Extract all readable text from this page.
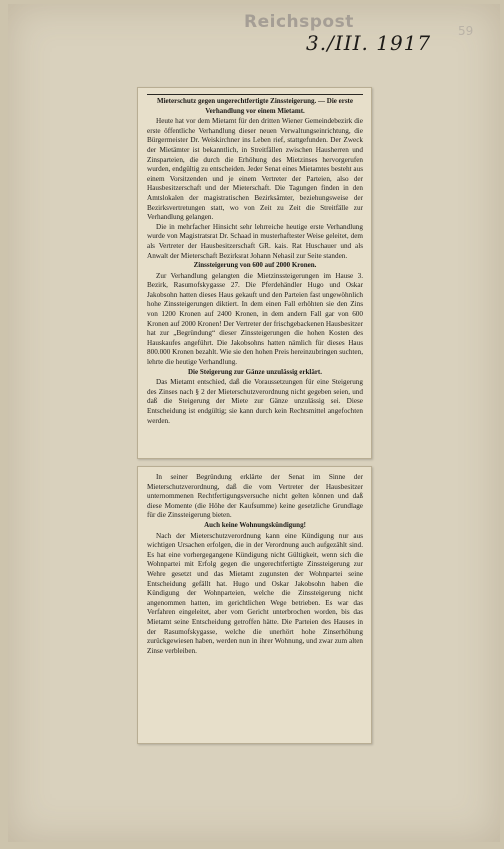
Reichspost
3./III. 1917 59
Mieterschutz gegen ungerechtfertigte Zinssteigerung. — Die erste Verhandlung vor einem Mietamt.

Heute hat vor dem Mietamt für den dritten Wiener Gemeindebezirk die erste öffentliche Verhandlung dieser neuen Verwaltungseinrichtung, die Bürgermeister Dr. Weiskirchner ins Leben rief, stattgefunden. Der Zweck der Mietämter ist bekanntlich, in Streitfällen zwischen Hausherren und Zinsparteien, die durch die Erhöhung des Mietzinses hervorgerufen wurden, endgültig zu entscheiden. Jeder Senat eines Mietamtes besteht aus einem Vorsitzenden und je einem Vertreter der Parteien, also der Hausbesitzerschaft und der Mieterschaft. Die Tagungen finden in den Amtslokalen der magistratischen Bezirksämter, beziehungsweise der Bezirksvertretungen statt, wo von Zeit zu Zeit die Streitfälle zur Verhandlung gelangen.

Die in mehrfacher Hinsicht sehr lehrreiche heutige erste Verhandlung wurde von Magistratsrat Dr. Schaad in musterhaftester Weise geleitet, dem als Vertreter der Hausbesitzerschaft GR. kais. Rat Huschauer und als Anwalt der Mieterschaft Bezirksrat Johann Nehasil zur Seite standen.

Zinssteigerung von 600 auf 2000 Kronen.

Zur Verhandlung gelangten die Mietzinssteigerungen im Hause 3. Bezirk, Rasumofskygasse 27. Die Pferdehändler Hugo und Oskar Jakobsohn hatten dieses Haus gekauft und den Parteien fast ungewöhnlich hohe Zinssteigerungen diktiert. In dem einen Fall erhöhten sie den Zins von 1200 Kronen auf 2400 Kronen, in dem andern Fall gar von 600 Kronen auf 2000 Kronen! Der Vertreter der frischgebackenen Hausbesitzer hat zur „Begründung“ dieser Zinssteigerungen die hohen Kosten des Hauskaufes angeführt. Die Jakobsohns hatten nämlich für dieses Haus 800.000 Kronen bezahlt. Wie sie den hohen Preis hereinzubringen suchten, lehrte die heutige Verhandlung.

Die Steigerung zur Gänze unzulässig erklärt.

Das Mietamt entschied, daß die Voraussetzungen für eine Steigerung des Zinses nach § 2 der Mieterschutzverordnung nicht gegeben seien, und daß die Steigerung der Miete zur Gänze unzulässig sei. Diese Entscheidung ist endgültig; sie kann durch kein Rechtsmittel angefochten werden.

In seiner Begründung erklärte der Senat im Sinne der Mieterschutzverordnung, daß die vom Vertreter der Hausbesitzer unternommenen Rechtfertigungsversuche nicht gelten können und daß diese Momente (die Höhe der Kaufsumme) keine gesetzliche Grundlage für die Zinssteigerung bieten.

Auch keine Wohnungskündigung!

Nach der Mieterschutzverordnung kann eine Kündigung nur aus wichtigen Ursachen erfolgen, die in der Verordnung auch aufgezählt sind. Es hat eine vorhergegangene Kündigung nicht Gültigkeit, wenn sich die Wohnpartei mit Erfolg gegen die ungerechtfertigte Zinssteigerung zur Wehre gesetzt und das Mietamt zugunsten der Wohnpartei seine Entscheidung gefällt hat. Hugo und Oskar Jakobsohn haben die Kündigung der Wohnparteien, welche die Zinssteigerung nicht angenommen hatten, im gerichtlichen Wege betrieben. Es war das Verfahren eingeleitet, aber vom Gericht unterbrochen worden, bis das Mietamt seine Entscheidung getroffen hätte. Die Parteien des Hauses in der Rasumofskygasse, welche die unerhört hohe Zinserhöhung zurückgewiesen haben, werden nun in ihrer Wohnung, und zwar zum alten Zinse verbleiben.
